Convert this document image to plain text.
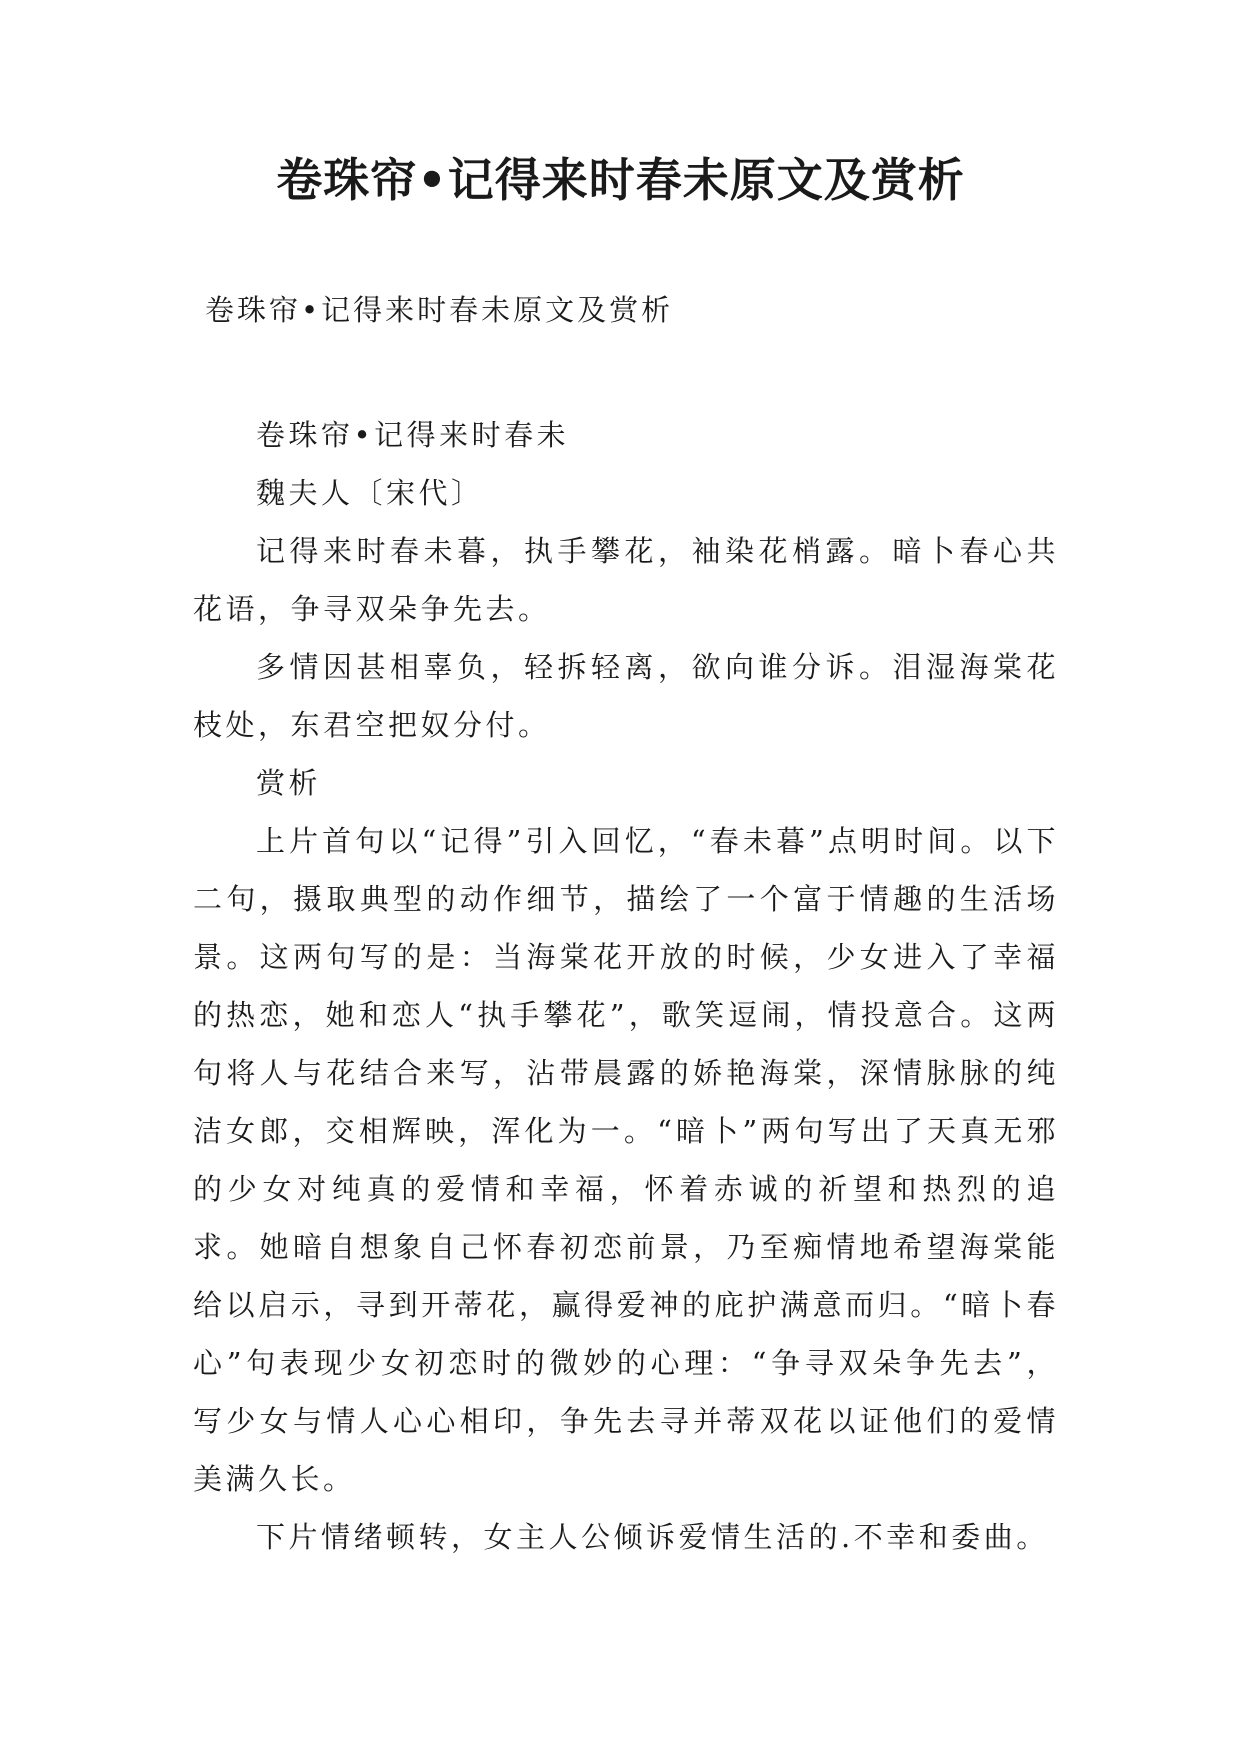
卷珠帘•记得来时春未原文及赏析
卷珠帘•记得来时春未原文及赏析

卷珠帘•记得来时春未

魏夫人〔宋代〕

记得来时春未暮，执手攀花，袖染花梢露。暗卜春心共花语，争寻双朵争先去。

多情因甚相辜负，轻拆轻离，欲向谁分诉。泪湿海棠花枝处，东君空把奴分付。

赏析

上片首句以“记得”引入回忆，“春未暮”点明时间。以下二句，摄取典型的动作细节，描绘了一个富于情趣的生活场景。这两句写的是：当海棠花开放的时候，少女进入了幸福的热恋，她和恋人“执手攀花”，歌笑逗闹，情投意合。这两句将人与花结合来写，沾带晨露的娇艳海棠，深情脉脉的纯洁女郎，交相辉映，浑化为一。“暗卜”两句写出了天真无邪的少女对纯真的爱情和幸福，怀着赤诚的祈望和热烈的追求。她暗自想象自己怀春初恋前景，乃至痴情地希望海棠能给以启示，寻到开蒂花，赢得爱神的庇护满意而归。“暗卜春心”句表现少女初恋时的微妙的心理：“争寻双朵争先去”，写少女与情人心心相印，争先去寻并蒂双花以证他们的爱情美满久长。

下片情绪顿转，女主人公倾诉爱情生活的.不幸和委曲。
